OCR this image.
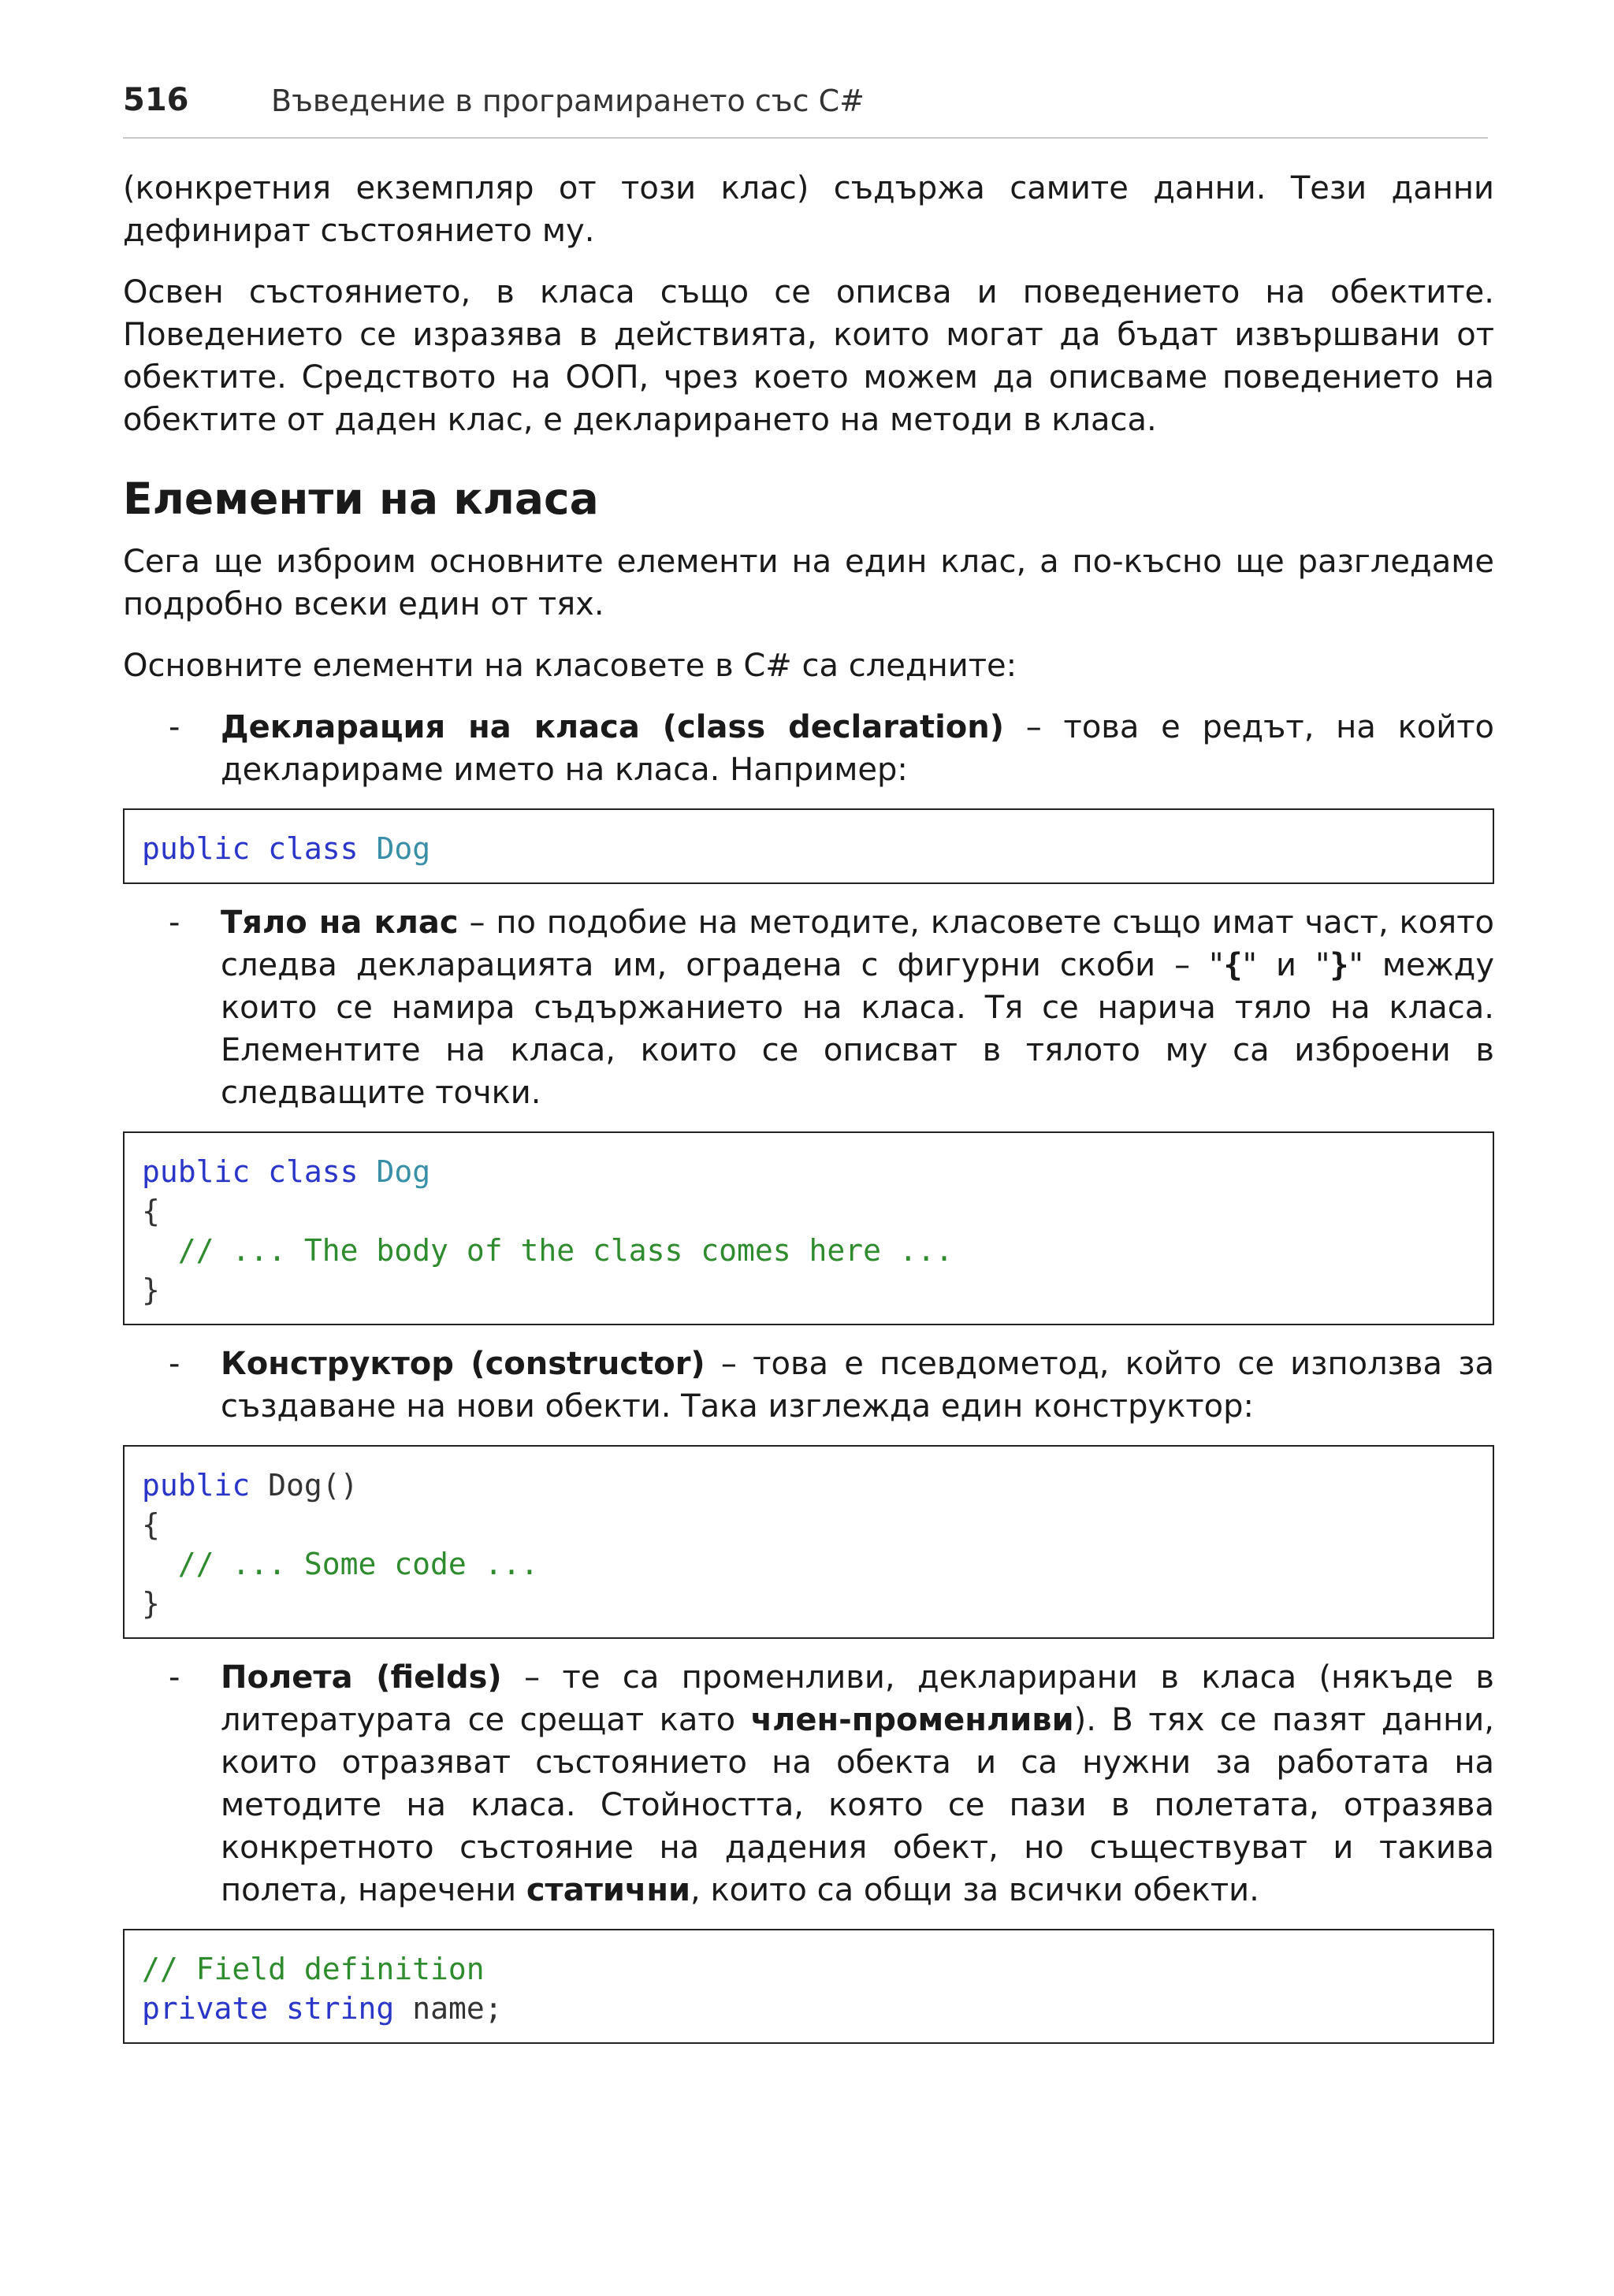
516	Въведение в програмирането със C#

(конкретния екземпляр от този клас) съдържа самите данни. Тези данни дефинират състоянието му.

Освен състоянието, в класа също се описва и поведението на обектите. Поведението се изразява в действията, които могат да бъдат извършвани от обектите. Средството на ООП, чрез което можем да описваме поведението на обектите от даден клас, е декларирането на методи в класа.

Елементи на класа

Сега ще изброим основните елементи на един клас, а по-късно ще разгледаме подробно всеки един от тях.

Основните елементи на класовете в C# са следните:

- Декларация на класа (class declaration) – това е редът, на който декларираме името на класа. Например:
public class Dog
- Тяло на клас – по подобие на методите, класовете също имат част, която следва декларацията им, оградена с фигурни скоби – "{" и "}" между които се намира съдържанието на класа. Тя се нарича тяло на класа. Елементите на класа, които се описват в тялото му са изброени в следващите точки.
public class Dog
{
// ... The body of the class comes here ...
}
- Конструктор (constructor) – това е псевдометод, който се използва за създаване на нови обекти. Така изглежда един конструктор:
public Dog()
{
// ... Some code ...
}
- Полета (fields) – те са променливи, декларирани в класа (някъде в литературата се срещат като член-променливи). В тях се пазят данни, които отразяват състоянието на обекта и са нужни за работата на методите на класа. Стойността, която се пази в полетата, отразява конкретното състояние на дадения обект, но съществуват и такива полета, наречени статични, които са общи за всички обекти.
// Field definition
private string name;
